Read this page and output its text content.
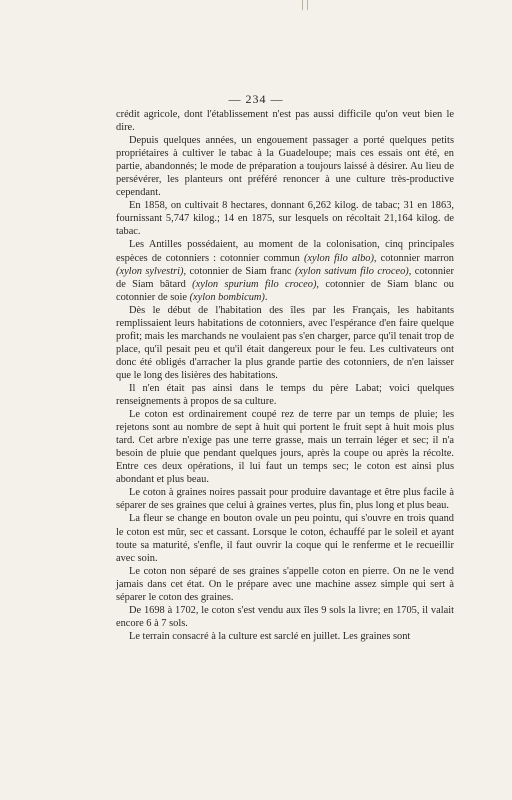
— 234 —

crédit agricole, dont l'établissement n'est pas aussi difficile qu'on veut bien le dire.

Depuis quelques années, un engouement passager a porté quelques petits propriétaires à cultiver le tabac à la Guadeloupe; mais ces essais ont été, en partie, abandonnés; le mode de préparation a toujours laissé à désirer. Au lieu de persévérer, les planteurs ont préféré renoncer à une culture très-productive cependant.

En 1858, on cultivait 8 hectares, donnant 6,262 kilog. de tabac; 31 en 1863, fournissant 5,747 kilog.; 14 en 1875, sur lesquels on récoltait 21,164 kilog. de tabac.

Les Antilles possédaient, au moment de la colonisation, cinq principales espèces de cotonniers : cotonnier commun (xylon filo albo), cotonnier marron (xylon sylvestri), cotonnier de Siam franc (xylon sativum filo croceo), cotonnier de Siam bâtard (xylon spurium filo croceo), cotonnier de Siam blanc ou cotonnier de soie (xylon bombicum).

Dès le début de l'habitation des îles par les Français, les habitants remplissaient leurs habitations de cotonniers, avec l'espérance d'en faire quelque profit; mais les marchands ne voulaient pas s'en charger, parce qu'il tenait trop de place, qu'il pesait peu et qu'il était dangereux pour le feu. Les cultivateurs ont donc été obligés d'arracher la plus grande partie des cotonniers, de n'en laisser que le long des lisières des habitations.

Il n'en était pas ainsi dans le temps du père Labat; voici quelques renseignements à propos de sa culture.

Le coton est ordinairement coupé rez de terre par un temps de pluie; les rejetons sont au nombre de sept à huit qui portent le fruit sept à huit mois plus tard. Cet arbre n'exige pas une terre grasse, mais un terrain léger et sec; il n'a besoin de pluie que pendant quelques jours, après la coupe ou après la récolte. Entre ces deux opérations, il lui faut un temps sec; le coton est ainsi plus abondant et plus beau.

Le coton à graines noires passait pour produire davantage et être plus facile à séparer de ses graines que celui à graines vertes, plus fin, plus long et plus beau.

La fleur se change en bouton ovale un peu pointu, qui s'ouvre en trois quand le coton est mûr, sec et cassant. Lorsque le coton, échauffé par le soleil et ayant toute sa maturité, s'enfle, il faut ouvrir la coque qui le renferme et le recueillir avec soin.

Le coton non séparé de ses graines s'appelle coton en pierre. On ne le vend jamais dans cet état. On le prépare avec une machine assez simple qui sert à séparer le coton des graines.

De 1698 à 1702, le coton s'est vendu aux îles 9 sols la livre; en 1705, il valait encore 6 à 7 sols.

Le terrain consacré à la culture est sarclé en juillet. Les graines sont
